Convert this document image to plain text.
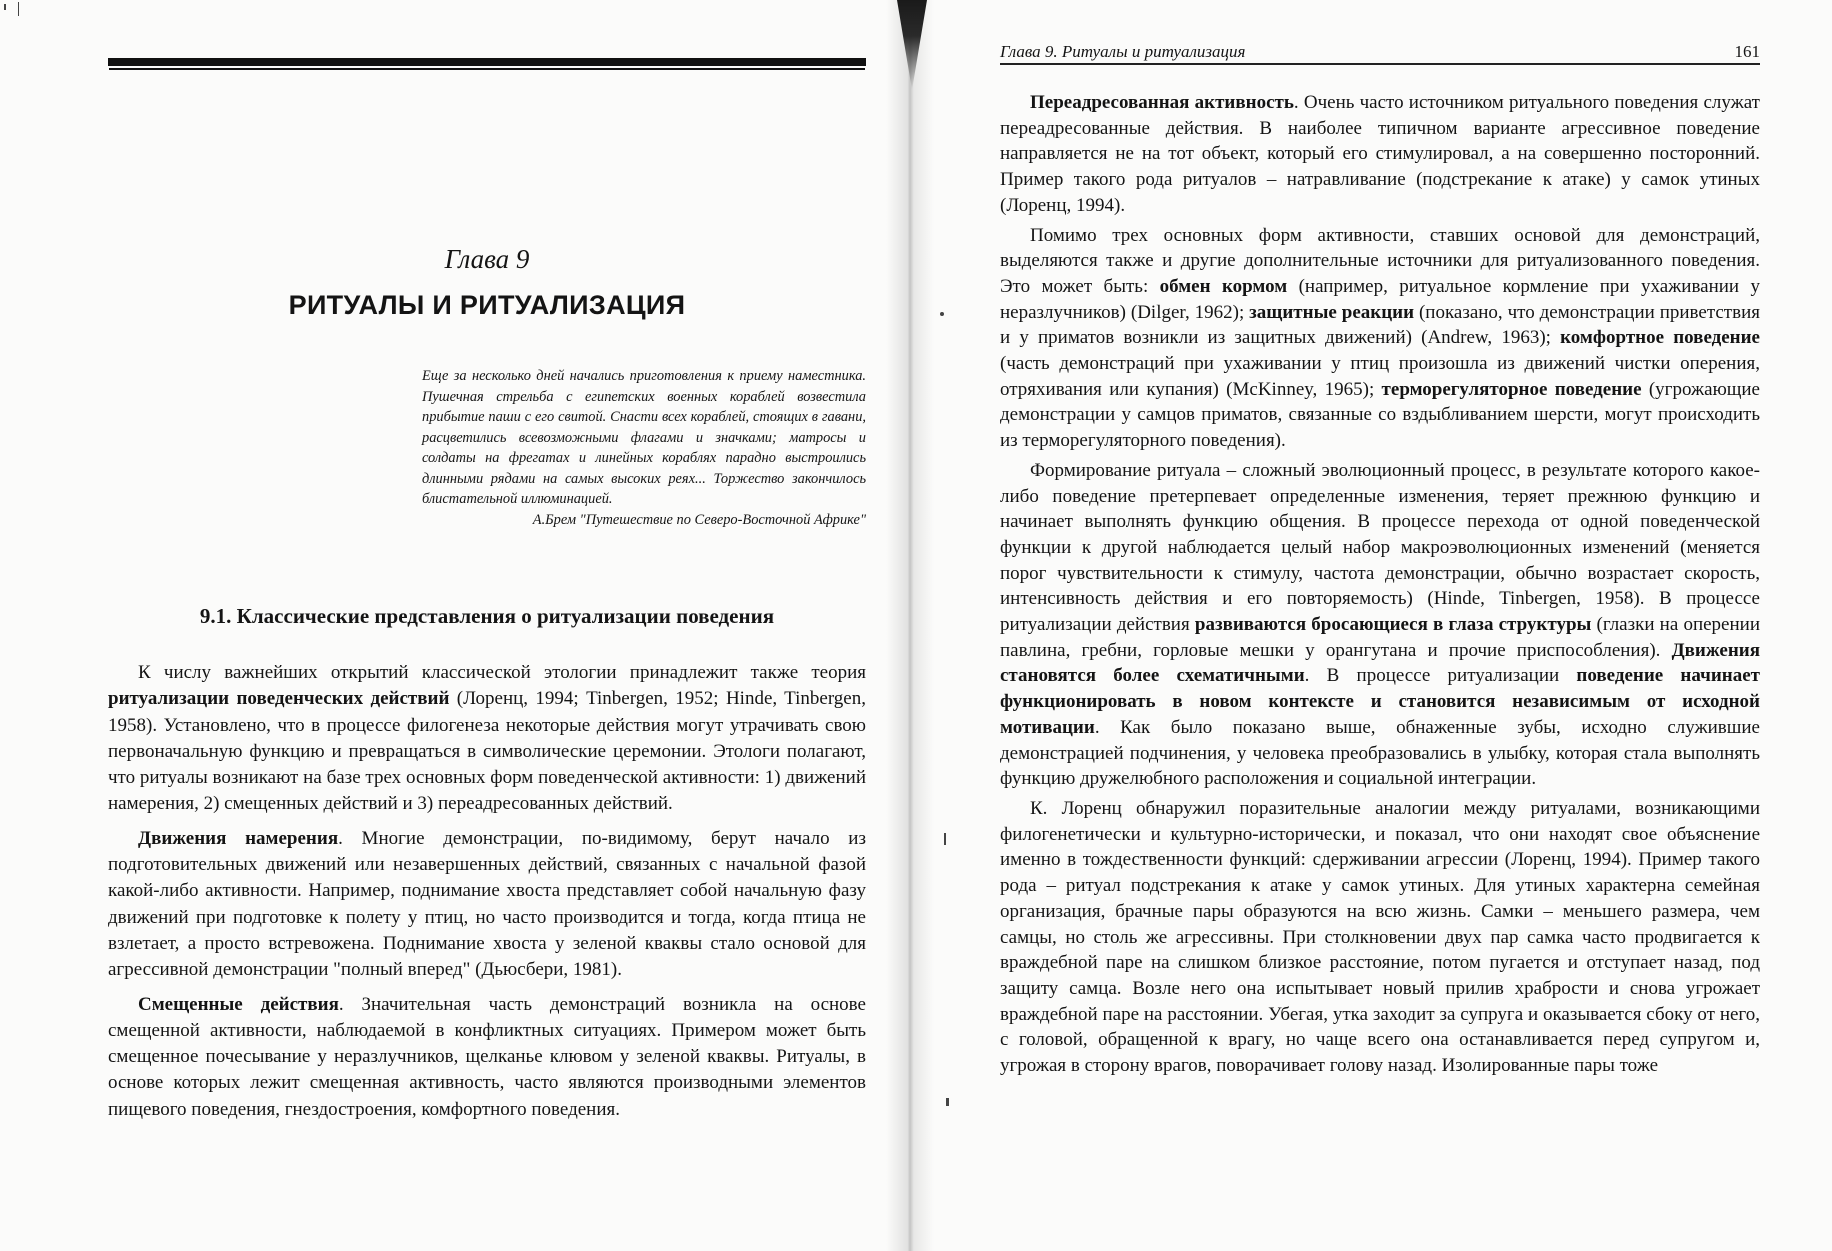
Глава 9
РИТУАЛЫ И РИТУАЛИЗАЦИЯ
Еще за несколько дней начались приготовления к приему наместника. Пушечная стрельба с египетских военных кораблей возвестила прибытие паши с его свитой. Снасти всех кораблей, стоящих в гавани, расцветились всевозможными флагами и значками; матросы и солдаты на фрегатах и линейных кораблях парадно выстроились длинными рядами на самых высоких реях... Торжество закончилось блистательной иллюминацией.
А.Брем "Путешествие по Северо-Восточной Африке"
9.1. Классические представления о ритуализации поведения

К числу важнейших открытий классической этологии принадлежит также теория ритуализации поведенческих действий (Лоренц, 1994; Tinbergen, 1952; Hinde, Tinbergen, 1958). Установлено, что в процессе филогенеза некоторые действия могут утрачивать свою первоначальную функцию и превращаться в символические церемонии. Этологи полагают, что ритуалы возникают на базе трех основных форм поведенческой активности: 1) движений намерения, 2) смещенных действий и 3) переадресованных действий.

Движения намерения. Многие демонстрации, по-видимому, берут начало из подготовительных движений или незавершенных действий, связанных с начальной фазой какой-либо активности. Например, поднимание хвоста представляет собой начальную фазу движений при подготовке к полету у птиц, но часто производится и тогда, когда птица не взлетает, а просто встревожена. Поднимание хвоста у зеленой кваквы стало основой для агрессивной демонстрации "полный вперед" (Дьюсбери, 1981).

Смещенные действия. Значительная часть демонстраций возникла на основе смещенной активности, наблюдаемой в конфликтных ситуациях. Примером может быть смещенное почесывание у неразлучников, щелканье клювом у зеленой кваквы. Ритуалы, в основе которых лежит смещенная активность, часто являются производными элементов пищевого поведения, гнездостроения, комфортного поведения.

Глава 9. Ритуалы и ритуализация	161

Переадресованная активность. Очень часто источником ритуального поведения служат переадресованные действия. В наиболее типичном варианте агрессивное поведение направляется не на тот объект, который его стимулировал, а на совершенно посторонний. Пример такого рода ритуалов – натравливание (подстрекание к атаке) у самок утиных (Лоренц, 1994).

Помимо трех основных форм активности, ставших основой для демонстраций, выделяются также и другие дополнительные источники для ритуализованного поведения. Это может быть: обмен кормом (например, ритуальное кормление при ухаживании у неразлучников) (Dilger, 1962); защитные реакции (показано, что демонстрации приветствия и у приматов возникли из защитных движений) (Andrew, 1963); комфортное поведение (часть демонстраций при ухаживании у птиц произошла из движений чистки оперения, отряхивания или купания) (McKinney, 1965); терморегуляторное поведение (угрожающие демонстрации у самцов приматов, связанные со вздыбливанием шерсти, могут происходить из терморегуляторного поведения).

Формирование ритуала – сложный эволюционный процесс, в результате которого какое-либо поведение претерпевает определенные изменения, теряет прежнюю функцию и начинает выполнять функцию общения. В процессе перехода от одной поведенческой функции к другой наблюдается целый набор макроэволюционных изменений (меняется порог чувствительности к стимулу, частота демонстрации, обычно возрастает скорость, интенсивность действия и его повторяемость) (Hinde, Tinbergen, 1958). В процессе ритуализации действия развиваются бросающиеся в глаза структуры (глазки на оперении павлина, гребни, горловые мешки у орангутана и прочие приспособления). Движения становятся более схематичными. В процессе ритуализации поведение начинает функционировать в новом контексте и становится независимым от исходной мотивации. Как было показано выше, обнаженные зубы, исходно служившие демонстрацией подчинения, у человека преобразовались в улыбку, которая стала выполнять функцию дружелюбного расположения и социальной интеграции.

К. Лоренц обнаружил поразительные аналогии между ритуалами, возникающими филогенетически и культурно-исторически, и показал, что они находят свое объяснение именно в тождественности функций: сдерживании агрессии (Лоренц, 1994). Пример такого рода – ритуал подстрекания к атаке у самок утиных. Для утиных характерна семейная организация, брачные пары образуются на всю жизнь. Самки – меньшего размера, чем самцы, но столь же агрессивны. При столкновении двух пар самка часто продвигается к враждебной паре на слишком близкое расстояние, потом пугается и отступает назад, под защиту самца. Возле него она испытывает новый прилив храбрости и снова угрожает враждебной паре на расстоянии. Убегая, утка заходит за супруга и оказывается сбоку от него, с головой, обращенной к врагу, но чаще всего она останавливается перед супругом и, угрожая в сторону врагов, поворачивает голову назад. Изолированные пары тоже
